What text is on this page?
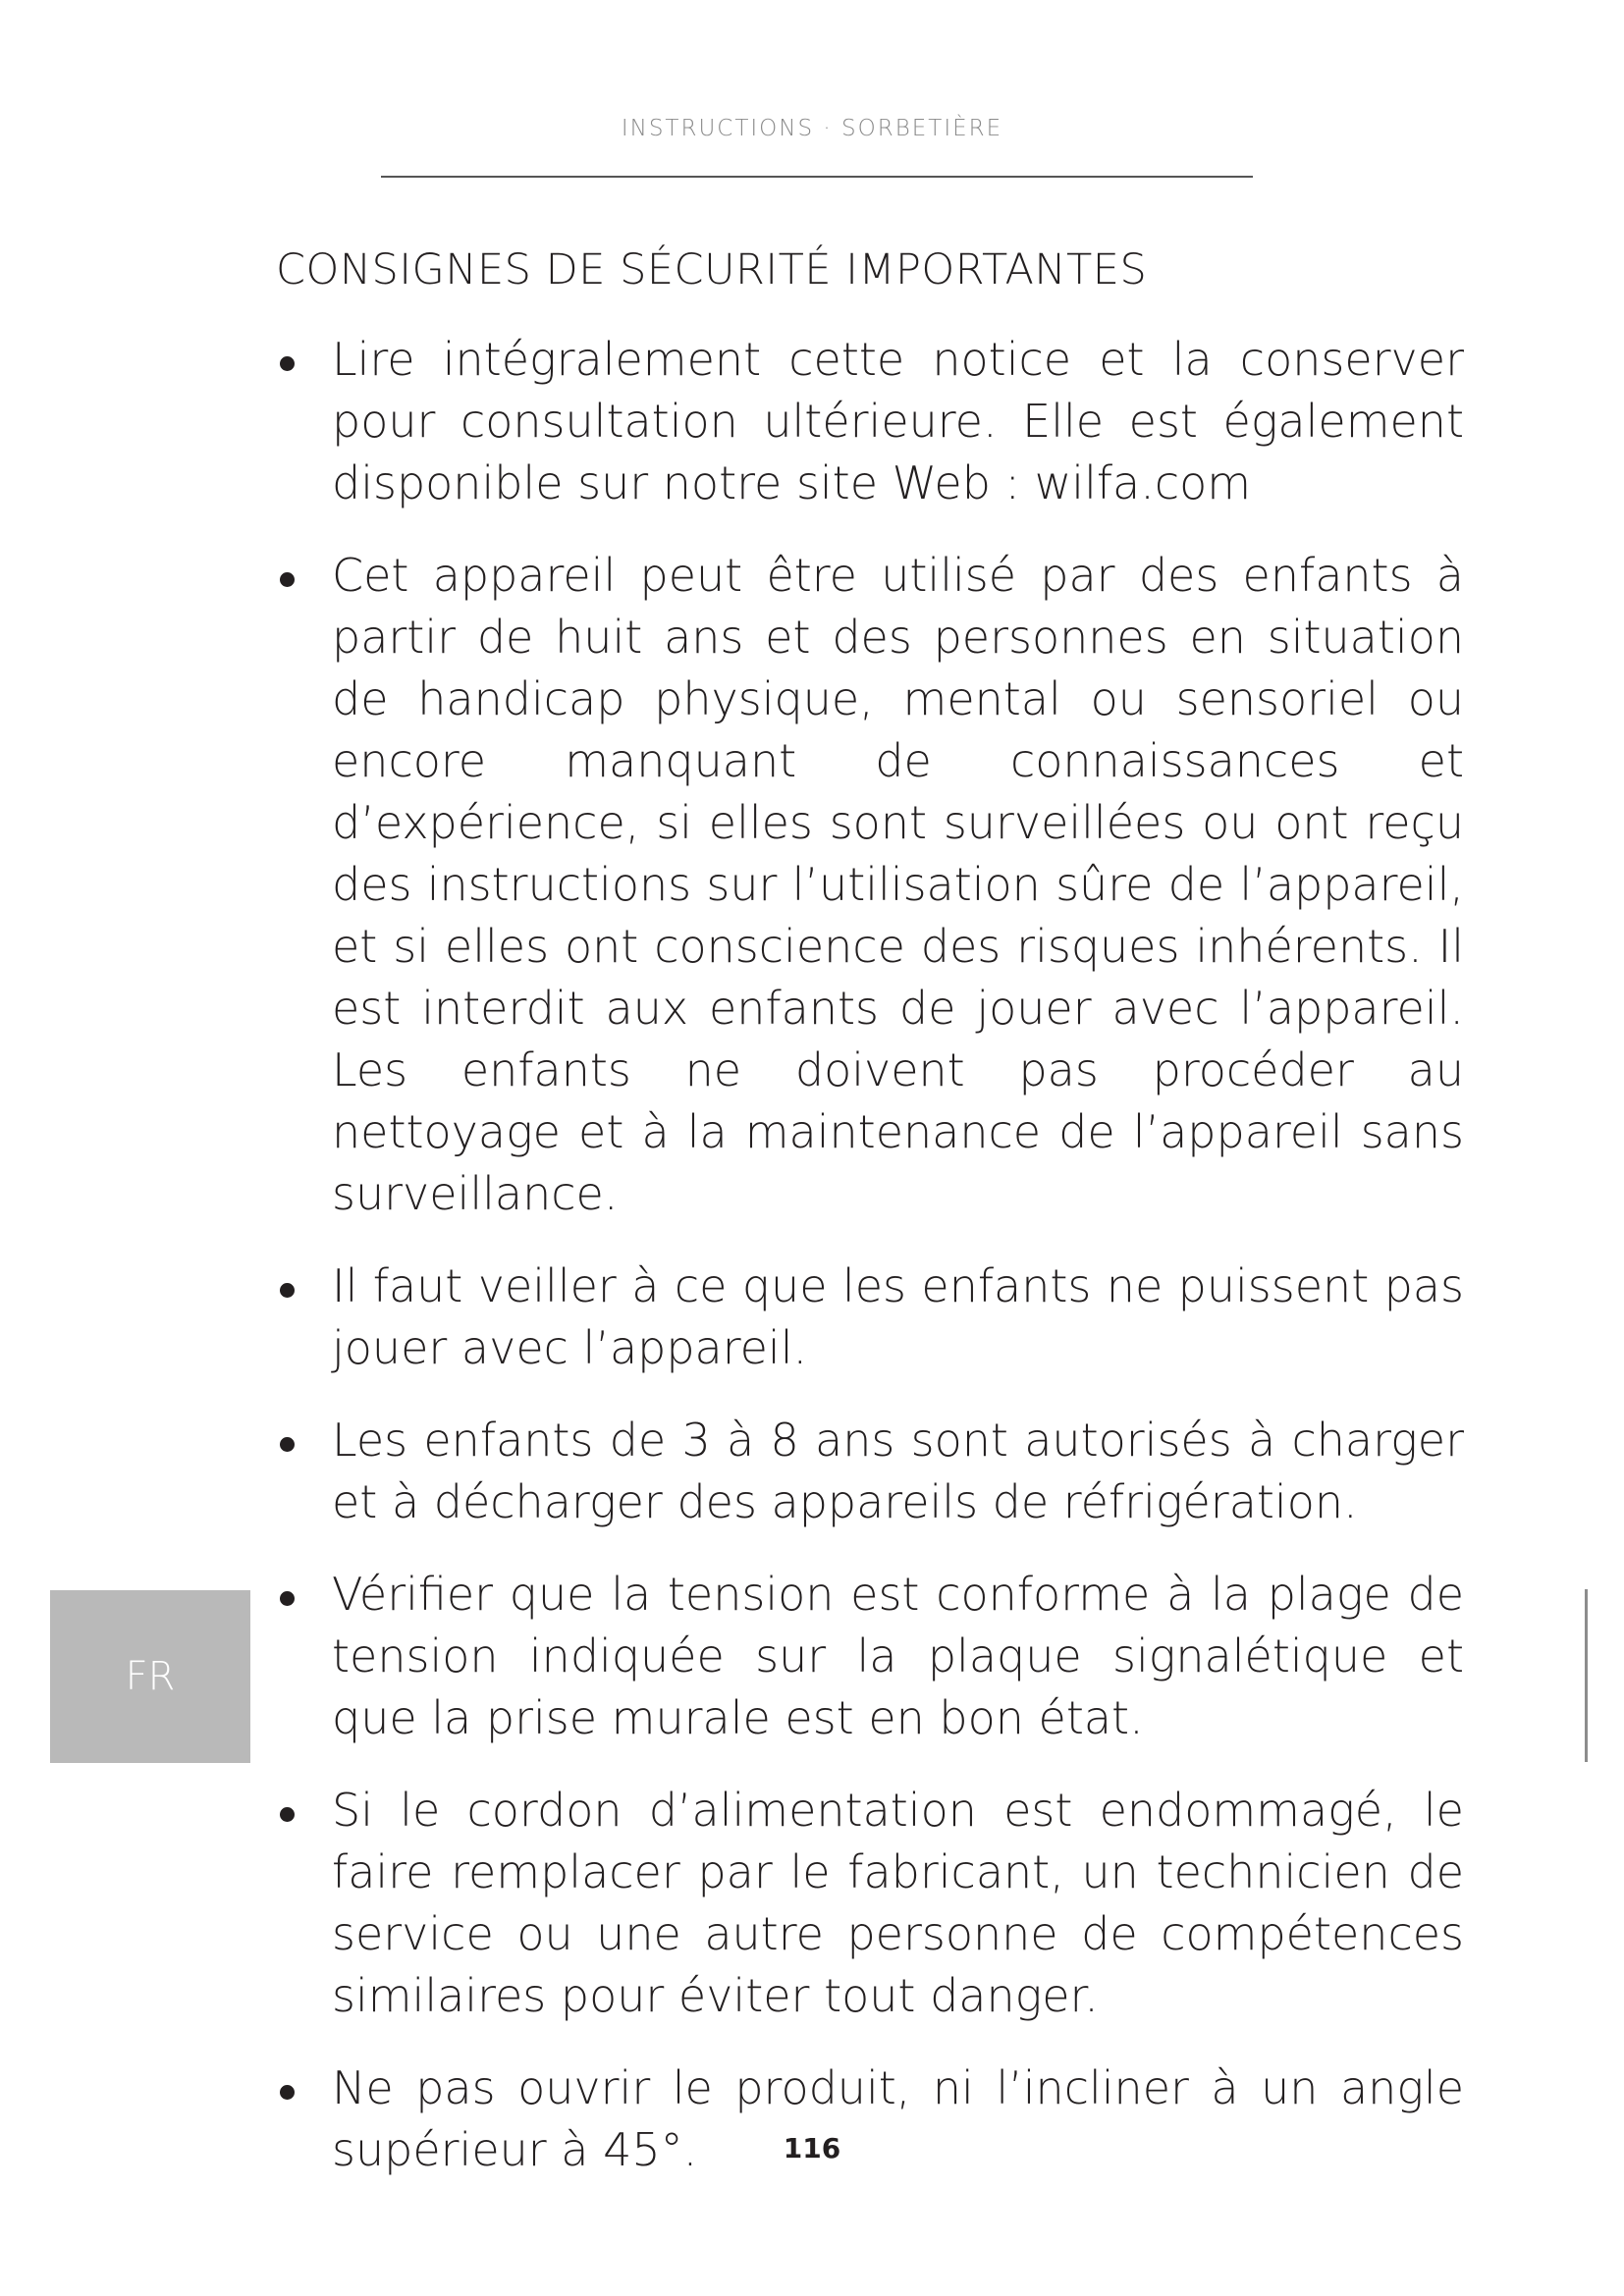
INSTRUCTIONS · SORBETIÈRE
CONSIGNES DE SÉCURITÉ IMPORTANTES
Lire intégralement cette notice et la conserver pour consultation ultérieure. Elle est également disponible sur notre site Web : wilfa.com
Cet appareil peut être utilisé par des enfants à partir de huit ans et des personnes en situation de handicap physique, mental ou sensoriel ou encore manquant de connaissances et d’expérience, si elles sont surveillées ou ont reçu des instructions sur l’utilisation sûre de l’appareil, et si elles ont conscience des risques inhérents. Il est interdit aux enfants de jouer avec l’appareil. Les enfants ne doivent pas procéder au nettoyage et à la maintenance de l’appareil sans surveillance.
Il faut veiller à ce que les enfants ne puissent pas jouer avec l’appareil.
Les enfants de 3 à 8 ans sont autorisés à charger et à décharger des appareils de réfrigération.
Vérifier que la tension est conforme à la plage de tension indiquée sur la plaque signalétique et que la prise murale est en bon état.
Si le cordon d’alimentation est endommagé, le faire remplacer par le fabricant, un technicien de service ou une autre personne de compétences similaires pour éviter tout danger.
Ne pas ouvrir le produit, ni l’incliner à un angle supérieur à 45°.
FR
116
